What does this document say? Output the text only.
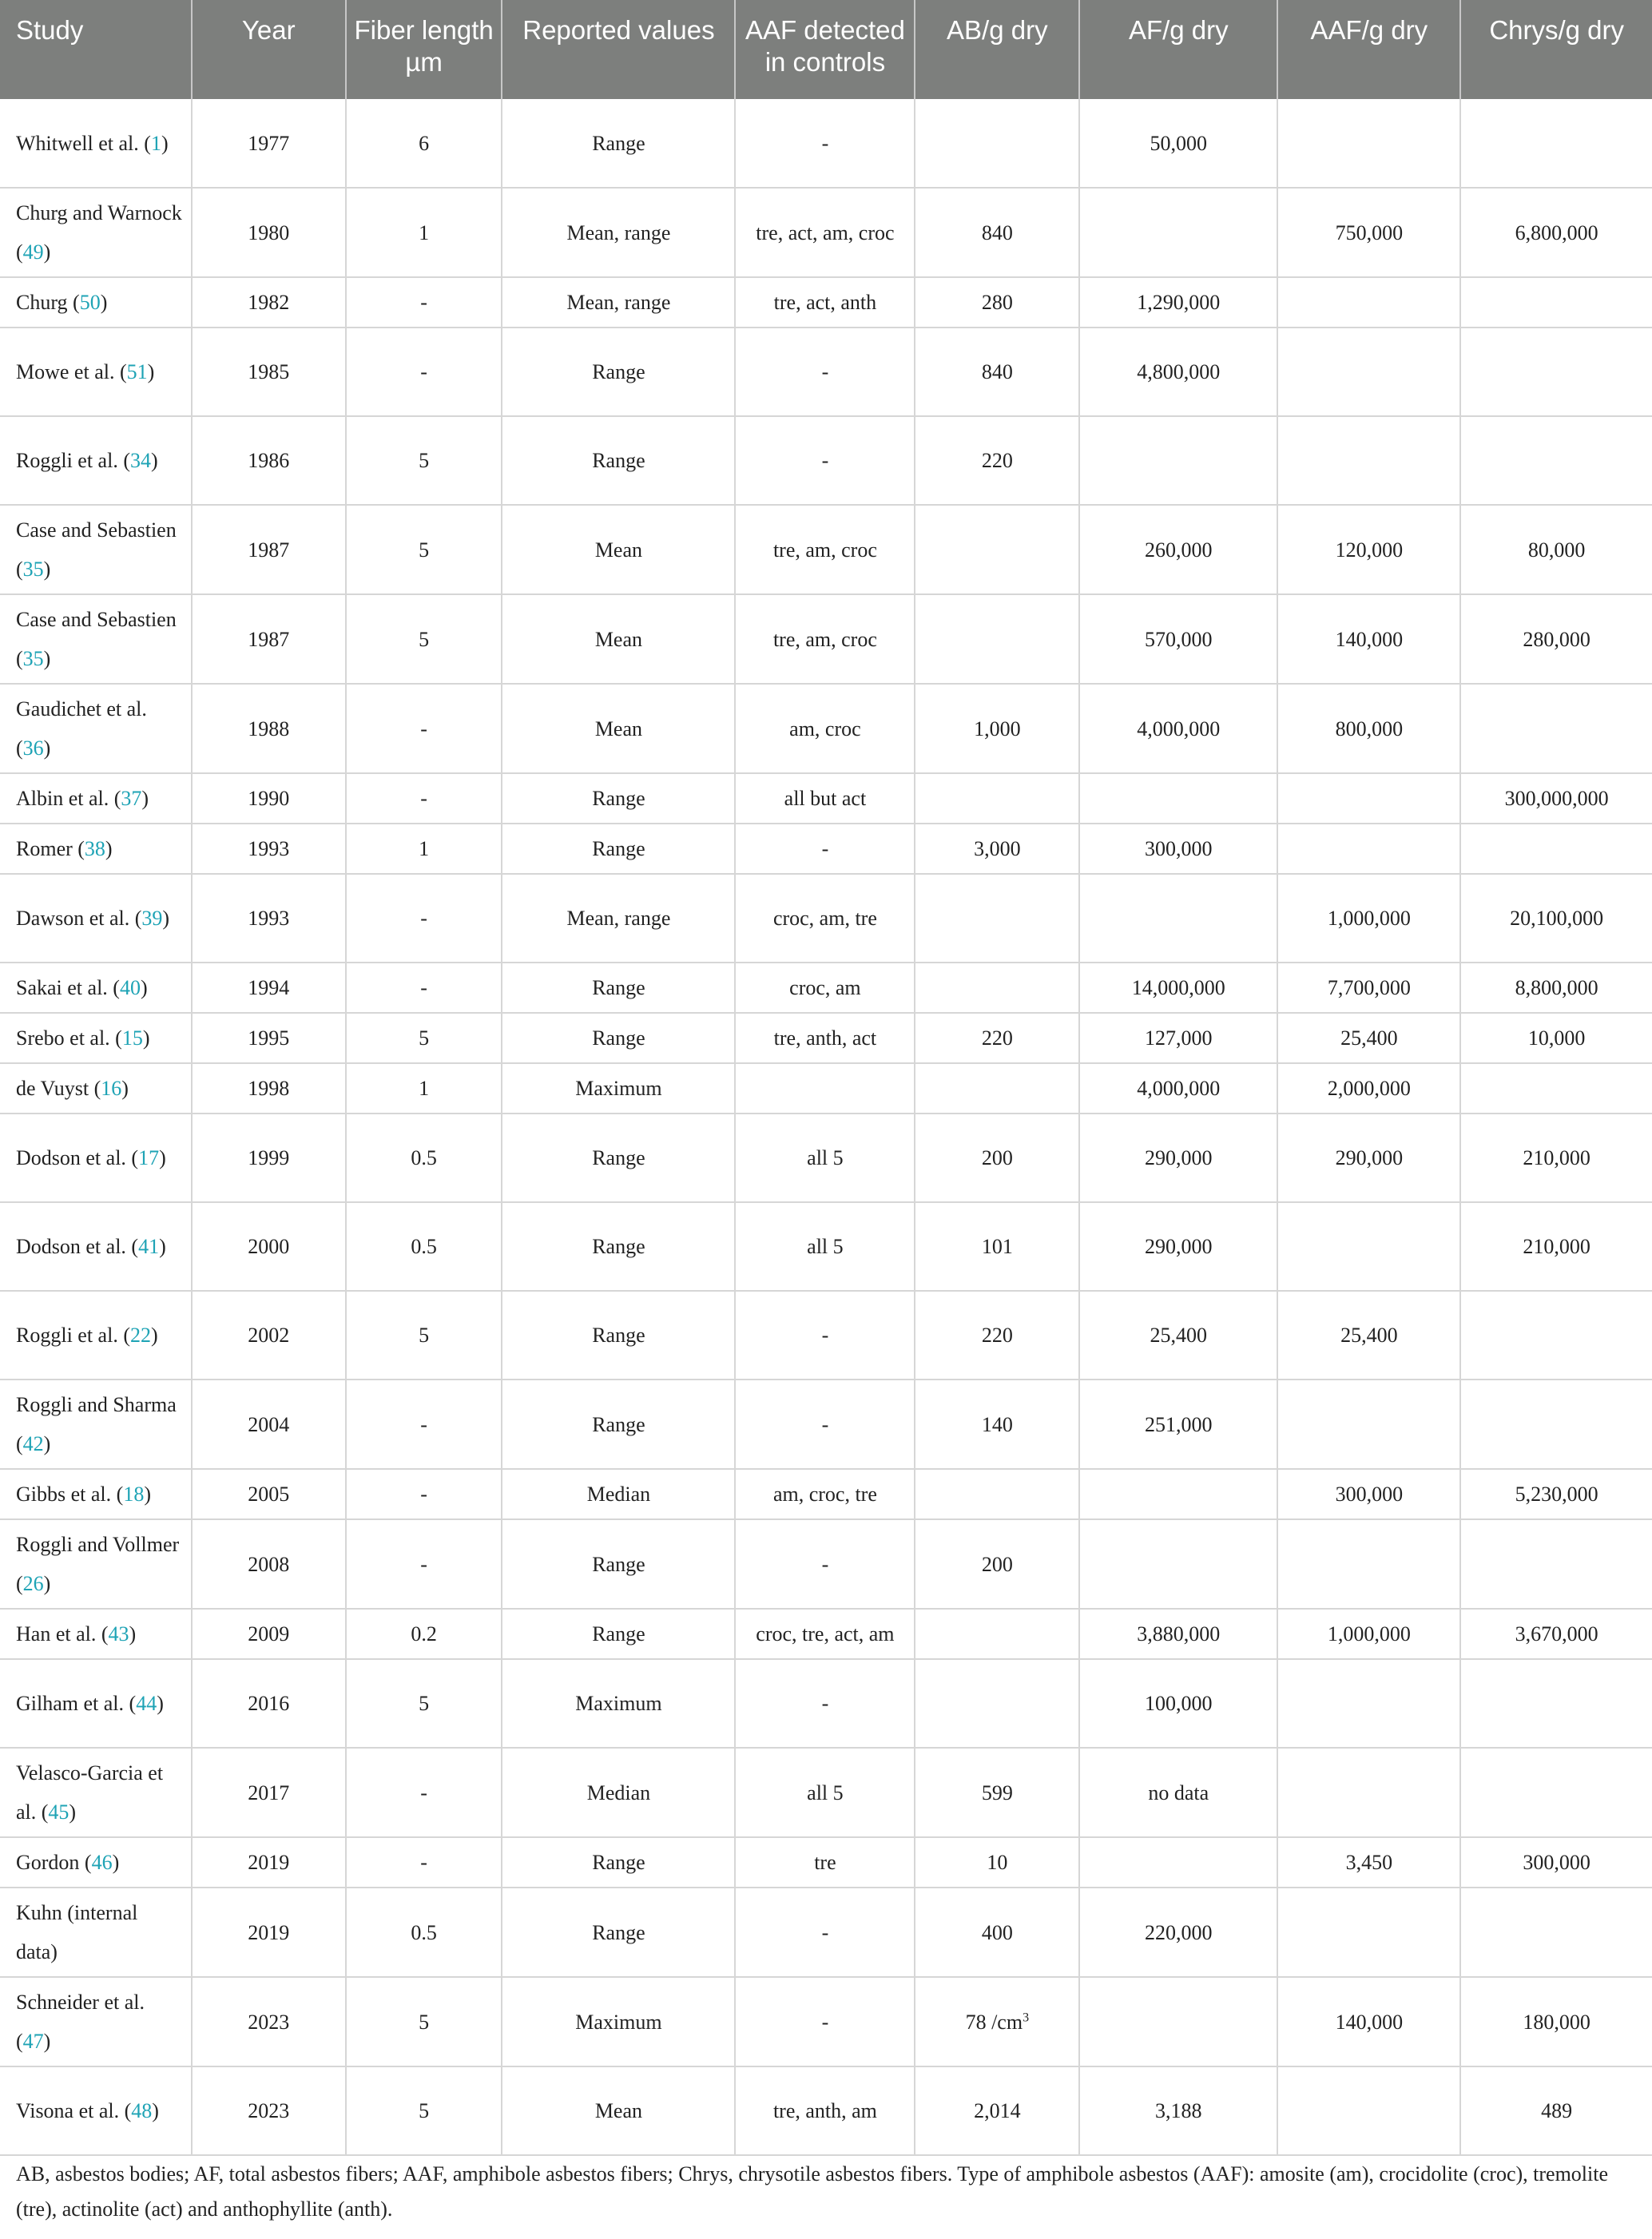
Study	Year	Fiber length µm	Reported values	AAF detected in controls	AB/g dry	AF/g dry	AAF/g dry	Chrys/g dry
Whitwell et al. (1)	1977	6	Range	-		50,000		
Churg and Warnock (49)	1980	1	Mean, range	tre, act, am, croc	840		750,000	6,800,000
Churg (50)	1982	-	Mean, range	tre, act, anth	280	1,290,000		
Mowe et al. (51)	1985	-	Range	-	840	4,800,000		
Roggli et al. (34)	1986	5	Range	-	220			
Case and Sebastien (35)	1987	5	Mean	tre, am, croc		260,000	120,000	80,000
Case and Sebastien (35)	1987	5	Mean	tre, am, croc		570,000	140,000	280,000
Gaudichet et al. (36)	1988	-	Mean	am, croc	1,000	4,000,000	800,000	
Albin et al. (37)	1990	-	Range	all but act				300,000,000
Romer (38)	1993	1	Range	-	3,000	300,000		
Dawson et al. (39)	1993	-	Mean, range	croc, am, tre			1,000,000	20,100,000
Sakai et al. (40)	1994	-	Range	croc, am		14,000,000	7,700,000	8,800,000
Srebo et al. (15)	1995	5	Range	tre, anth, act	220	127,000	25,400	10,000
de Vuyst (16)	1998	1	Maximum			4,000,000	2,000,000	
Dodson et al. (17)	1999	0.5	Range	all 5	200	290,000	290,000	210,000
Dodson et al. (41)	2000	0.5	Range	all 5	101	290,000		210,000
Roggli et al. (22)	2002	5	Range	-	220	25,400	25,400	
Roggli and Sharma (42)	2004	-	Range	-	140	251,000		
Gibbs et al. (18)	2005	-	Median	am, croc, tre			300,000	5,230,000
Roggli and Vollmer (26)	2008	-	Range	-	200			
Han et al. (43)	2009	0.2	Range	croc, tre, act, am		3,880,000	1,000,000	3,670,000
Gilham et al. (44)	2016	5	Maximum	-		100,000		
Velasco-Garcia et al. (45)	2017	-	Median	all 5	599	no data		
Gordon (46)	2019	-	Range	tre	10		3,450	300,000
Kuhn (internal data)	2019	0.5	Range	-	400	220,000		
Schneider et al. (47)	2023	5	Maximum	-	78 $/cm^3$		140,000	180,000
Visona et al. (48)	2023	5	Mean	tre, anth, am	2,014	3,188		489
AB, asbestos bodies; AF, total asbestos fibers; AAF, amphibole asbestos fibers; Chrys, chrysotile asbestos fibers. Type of amphibole asbestos (AAF): amosite (am), crocidolite (croc), tremolite (tre), actinolite (act) and anthophyllite (anth).
